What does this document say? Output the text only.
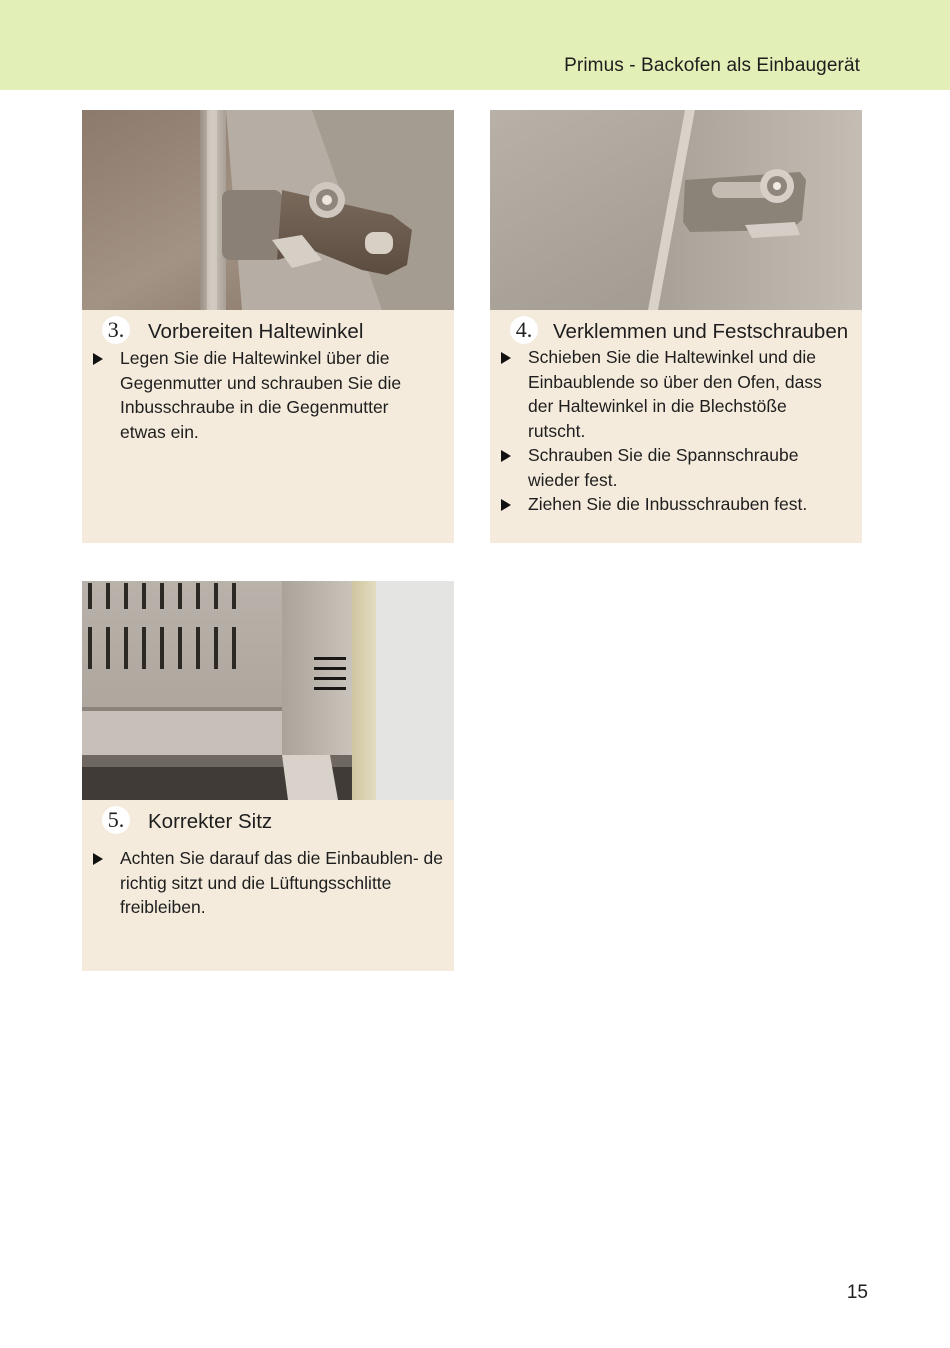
Primus - Backofen als Einbaugerät
3. Vorbereiten Haltewinkel
Legen Sie die Haltewinkel über die Gegenmutter und schrauben Sie die Inbusschraube in die Gegenmutter etwas ein.
4. Verklemmen und Festschrauben
Schieben Sie die Haltewinkel und die Einbaublende so über den Ofen, dass der Haltewinkel in die Blechstöße rutscht.
Schrauben Sie die Spannschraube wieder fest.
Ziehen Sie die Inbusschrauben fest.
5. Korrekter Sitz
Achten Sie darauf das die Einbaublen- de richtig sitzt und die Lüftungsschlitte freibleiben.
15
